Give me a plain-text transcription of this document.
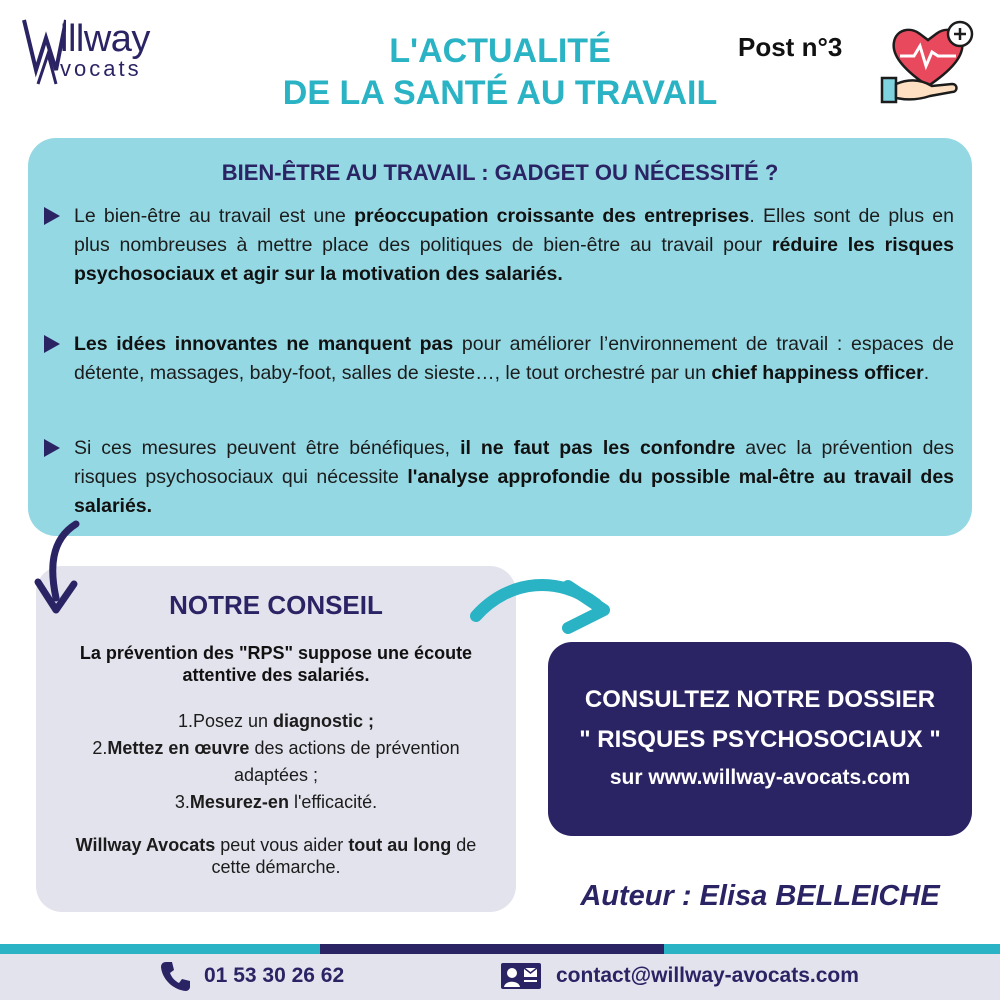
illway
vocats	L'ACTUALITÉ
DE LA SANTÉ AU TRAVAIL
Post n°3
BIEN-ÊTRE AU TRAVAIL : GADGET OU NÉCESSITÉ ?
Le bien-être au travail est une préoccupation croissante des entreprises. Elles sont de plus en plus nombreuses à mettre place des politiques de bien-être au travail pour réduire les risques psychosociaux et agir sur la motivation des salariés.
Les idées innovantes ne manquent pas pour améliorer l’environnement de travail : espaces de détente, massages, baby-foot, salles de sieste…, le tout orchestré par un chief happiness officer.
Si ces mesures peuvent être bénéfiques, il ne faut pas les confondre avec la prévention des risques psychosociaux qui nécessite l'analyse approfondie du possible mal-être au travail des salariés.
NOTRE CONSEIL
La prévention des "RPS" suppose une écoute attentive des salariés.
1.Posez un diagnostic ;
2.Mettez en œuvre des actions de prévention adaptées ;
3.Mesurez-en l'efficacité.
Willway Avocats peut vous aider tout au long de cette démarche.
CONSULTEZ NOTRE DOSSIER
" RISQUES PSYCHOSOCIAUX "
sur www.willway-avocats.com
Auteur : Elisa BELLEICHE
01 53 30 26 62	contact@willway-avocats.com
